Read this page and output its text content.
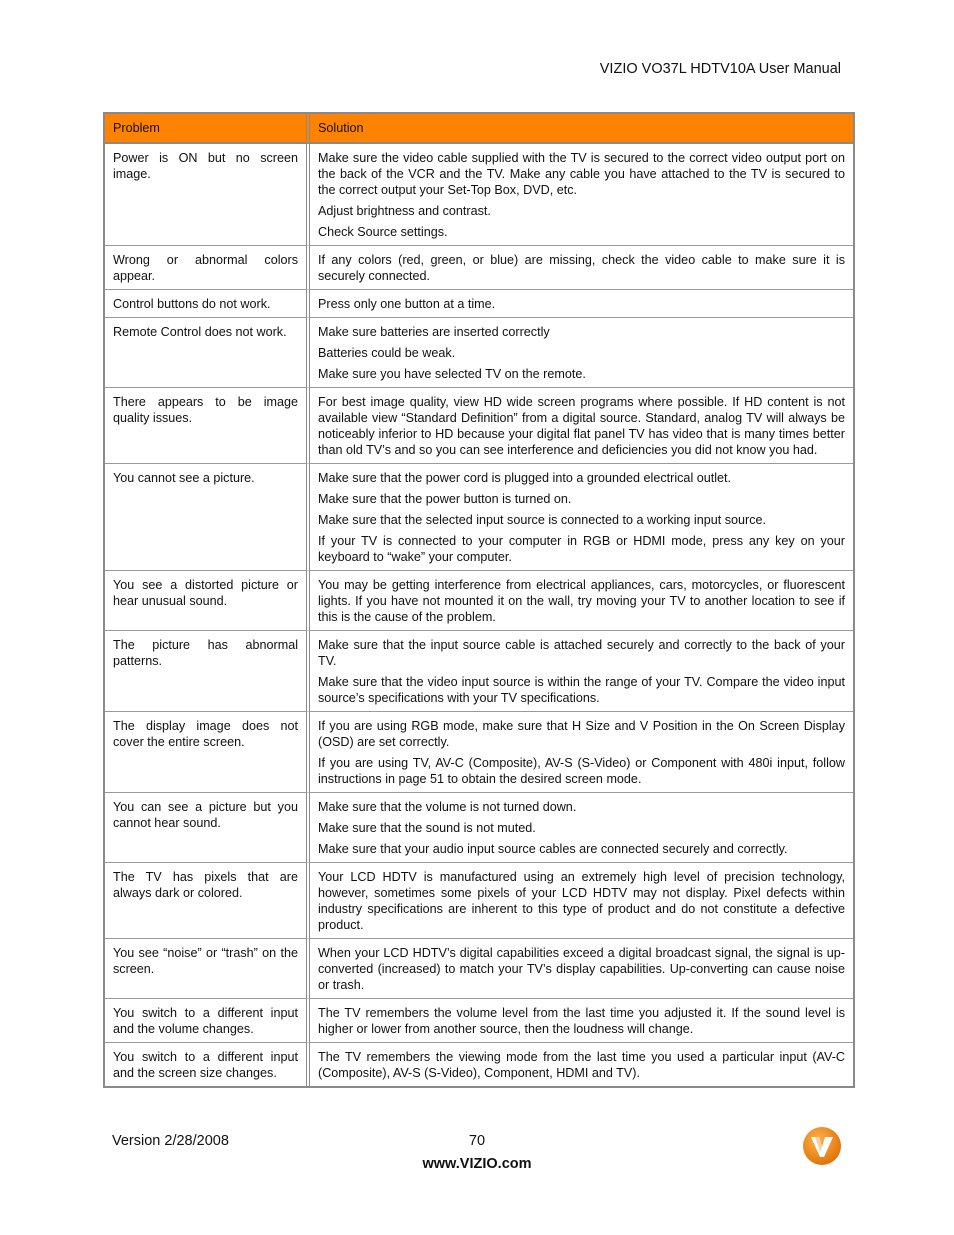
VIZIO VO37L HDTV10A User Manual
Problem	Solution
Power is ON but no screen image.	Make sure the video cable supplied with the TV is secured to the correct video output port on the back of the VCR and the TV. Make any cable you have attached to the TV is secured to the correct output your Set-Top Box, DVD, etc.

Adjust brightness and contrast.

Check Source settings.

Wrong or abnormal colors appear.	If any colors (red, green, or blue) are missing, check the video cable to make sure it is securely connected.

Control buttons do not work.	Press only one button at a time.

Remote Control does not work.	Make sure batteries are inserted correctly

Batteries could be weak.

Make sure you have selected TV on the remote.

There appears to be image quality issues.	For best image quality, view HD wide screen programs where possible. If HD content is not available view “Standard Definition” from a digital source. Standard, analog TV will always be noticeably inferior to HD because your digital flat panel TV has video that is many times better than old TV’s and so you can see interference and deficiencies you did not know you had.

You cannot see a picture.	Make sure that the power cord is plugged into a grounded electrical outlet.

Make sure that the power button is turned on.

Make sure that the selected input source is connected to a working input source.

If your TV is connected to your computer in RGB or HDMI mode, press any key on your keyboard to “wake” your computer.

You see a distorted picture or hear unusual sound.	You may be getting interference from electrical appliances, cars, motorcycles, or fluorescent lights. If you have not mounted it on the wall, try moving your TV to another location to see if this is the cause of the problem.

The picture has abnormal patterns.	Make sure that the input source cable is attached securely and correctly to the back of your TV.

Make sure that the video input source is within the range of your TV. Compare the video input source’s specifications with your TV specifications.

The display image does not cover the entire screen.	If you are using RGB mode, make sure that H Size and V Position in the On Screen Display (OSD) are set correctly.

If you are using TV, AV-C (Composite), AV-S (S-Video) or Component with 480i input, follow instructions in page 51 to obtain the desired screen mode.

You can see a picture but you cannot hear sound.	Make sure that the volume is not turned down.

Make sure that the sound is not muted.

Make sure that your audio input source cables are connected securely and correctly.

The TV has pixels that are always dark or colored.	Your LCD HDTV is manufactured using an extremely high level of precision technology, however, sometimes some pixels of your LCD HDTV may not display. Pixel defects within industry specifications are inherent to this type of product and do not constitute a defective product.

You see “noise” or “trash” on the screen.	When your LCD HDTV’s digital capabilities exceed a digital broadcast signal, the signal is up-converted (increased) to match your TV’s display capabilities. Up-converting can cause noise or trash.

You switch to a different input and the volume changes.	The TV remembers the volume level from the last time you adjusted it. If the sound level is higher or lower from another source, then the loudness will change.

You switch to a different input and the screen size changes.	The TV remembers the viewing mode from the last time you used a particular input (AV-C (Composite), AV-S (S-Video), Component, HDMI and TV).

Version 2/28/2008	70
www.VIZIO.com
